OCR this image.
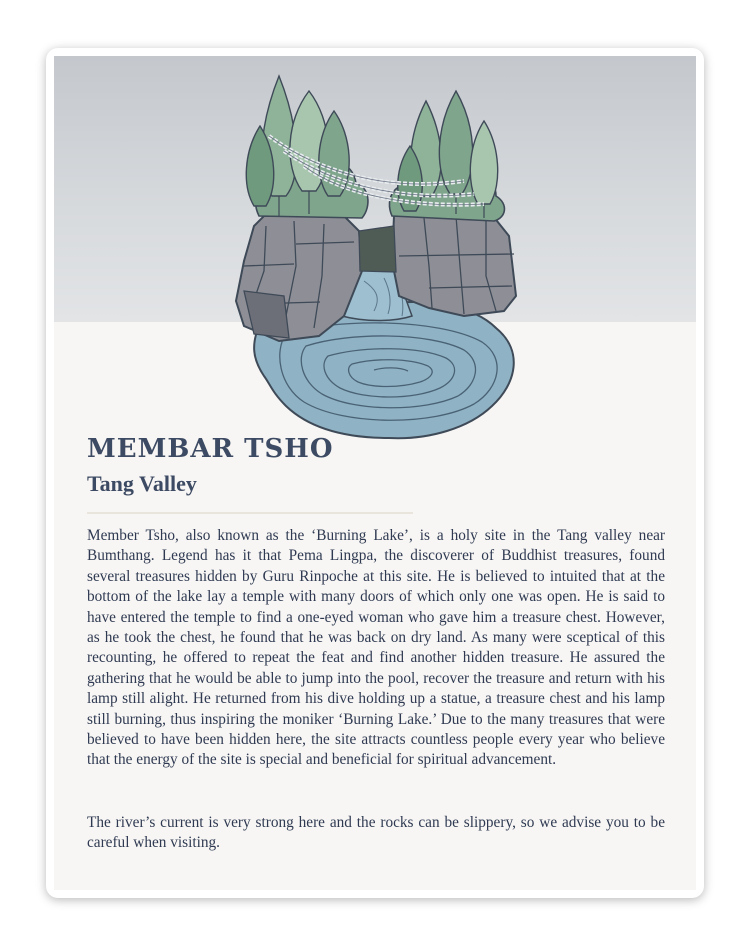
MEMBAR TSHO
Tang Valley

Member Tsho, also known as the ‘Burning Lake’, is a holy site in the Tang valley near Bumthang. Legend has it that Pema Lingpa, the discoverer of Buddhist treasures, found several treasures hidden by Guru Rinpoche at this site. He is believed to intuited that at the bottom of the lake lay a temple with many doors of which only one was open. He is said to have entered the temple to find a one-eyed woman who gave him a treasure chest. However, as he took the chest, he found that he was back on dry land. As many were sceptical of this recounting, he offered to repeat the feat and find another hidden treasure. He assured the gathering that he would be able to jump into the pool, recover the treasure and return with his lamp still alight. He returned from his dive holding up a statue, a treasure chest and his lamp still burning, thus inspiring the moniker ‘Burning Lake.’ Due to the many treasures that were believed to have been hidden here, the site attracts countless people every year who believe that the energy of the site is special and beneficial for spiritual advancement.

The river’s current is very strong here and the rocks can be slippery, so we advise you to be careful when visiting.
